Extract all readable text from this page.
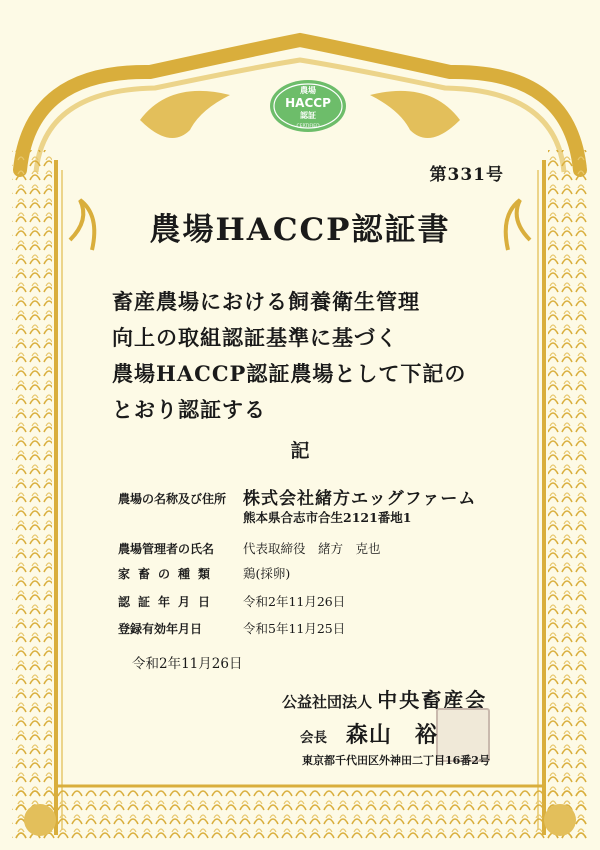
農場
HACCP
認証
CERTIFIED
第331号
農場HACCP認証書
畜産農場における飼養衛生管理
向上の取組認証基準に基づく
農場HACCP認証農場として下記の
とおり認証する
記
農場の名称及び住所 株式会社緒方エッグファーム
熊本県合志市合生2121番地1
農場管理者の氏名	代表取締役　緒方　克也
家畜の種類	鶏(採卵)
認証年月日	令和2年11月26日
登録有効年月日	令和5年11月25日
令和2年11月26日
公益社団法人 中央畜産会
会長 森山　裕
東京都千代田区外神田二丁目16番2号
